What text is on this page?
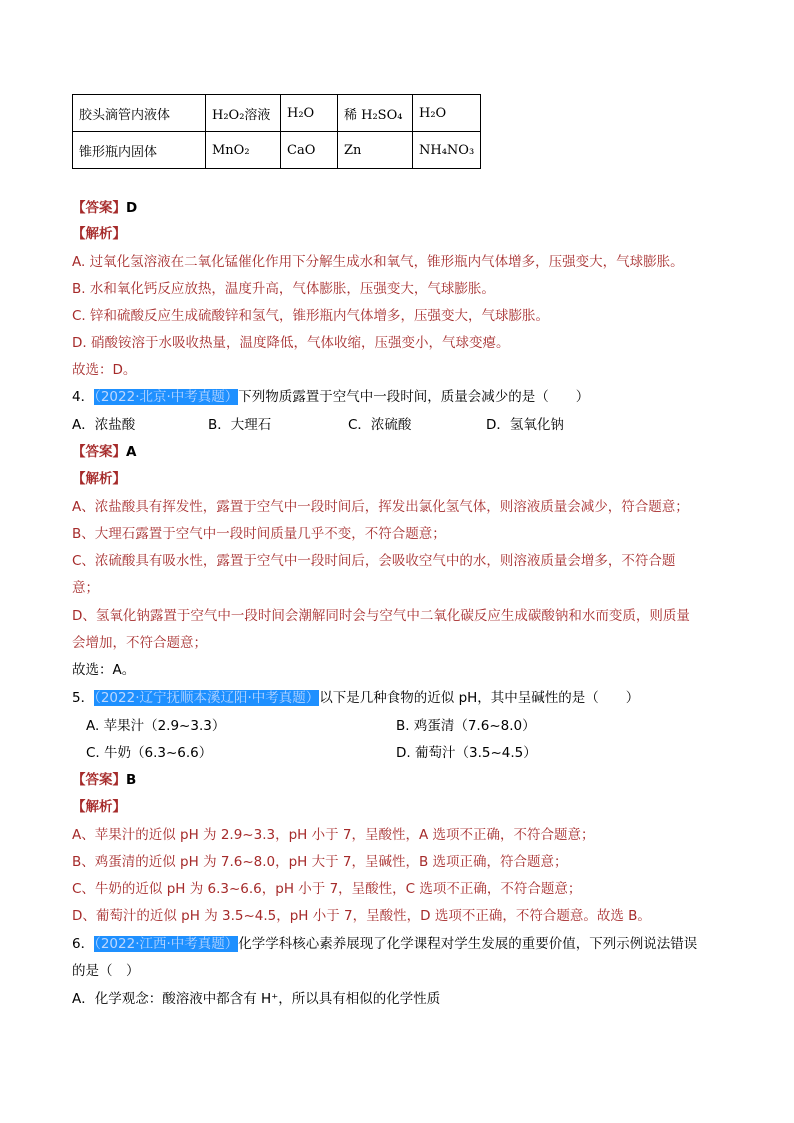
胶头滴管内液体	H₂O₂溶液	H₂O	稀 H₂SO₄	H₂O
锥形瓶内固体	MnO₂	CaO	Zn	NH₄NO₃
【答案】D
【解析】
A. 过氧化氢溶液在二氧化锰催化作用下分解生成水和氧气，锥形瓶内气体增多，压强变大，气球膨胀。
B. 水和氧化钙反应放热，温度升高，气体膨胀，压强变大，气球膨胀。
C. 锌和硫酸反应生成硫酸锌和氢气，锥形瓶内气体增多，压强变大，气球膨胀。
D. 硝酸铵溶于水吸收热量，温度降低，气体收缩，压强变小，气球变瘪。
故选：D。
4．（2022·北京·中考真题）下列物质露置于空气中一段时间，质量会减少的是（　　）
A．浓盐酸	B．大理石	C．浓硫酸	D．氢氧化钠
【答案】A
【解析】
A、浓盐酸具有挥发性，露置于空气中一段时间后，挥发出氯化氢气体，则溶液质量会减少，符合题意；
B、大理石露置于空气中一段时间质量几乎不变，不符合题意；
C、浓硫酸具有吸水性，露置于空气中一段时间后，会吸收空气中的水，则溶液质量会增多，不符合题
意；
D、氢氧化钠露置于空气中一段时间会潮解同时会与空气中二氧化碳反应生成碳酸钠和水而变质，则质量
会增加，不符合题意；
故选：A。
5．（2022·辽宁抚顺本溪辽阳·中考真题）以下是几种食物的近似 pH，其中呈碱性的是（　　）
A. 苹果汁（2.9~3.3）	B. 鸡蛋清（7.6~8.0）
C. 牛奶（6.3~6.6）	D. 葡萄汁（3.5~4.5）
【答案】B
【解析】
A、苹果汁的近似 pH 为 2.9~3.3，pH 小于 7，呈酸性，A 选项不正确，不符合题意；
B、鸡蛋清的近似 pH 为 7.6~8.0，pH 大于 7，呈碱性，B 选项正确，符合题意；
C、牛奶的近似 pH 为 6.3~6.6，pH 小于 7，呈酸性，C 选项不正确，不符合题意；
D、葡萄汁的近似 pH 为 3.5~4.5，pH 小于 7，呈酸性，D 选项不正确，不符合题意。故选 B。
6．（2022·江西·中考真题）化学学科核心素养展现了化学课程对学生发展的重要价值，下列示例说法错误
的是（　）
A．化学观念：酸溶液中都含有 H⁺，所以具有相似的化学性质
